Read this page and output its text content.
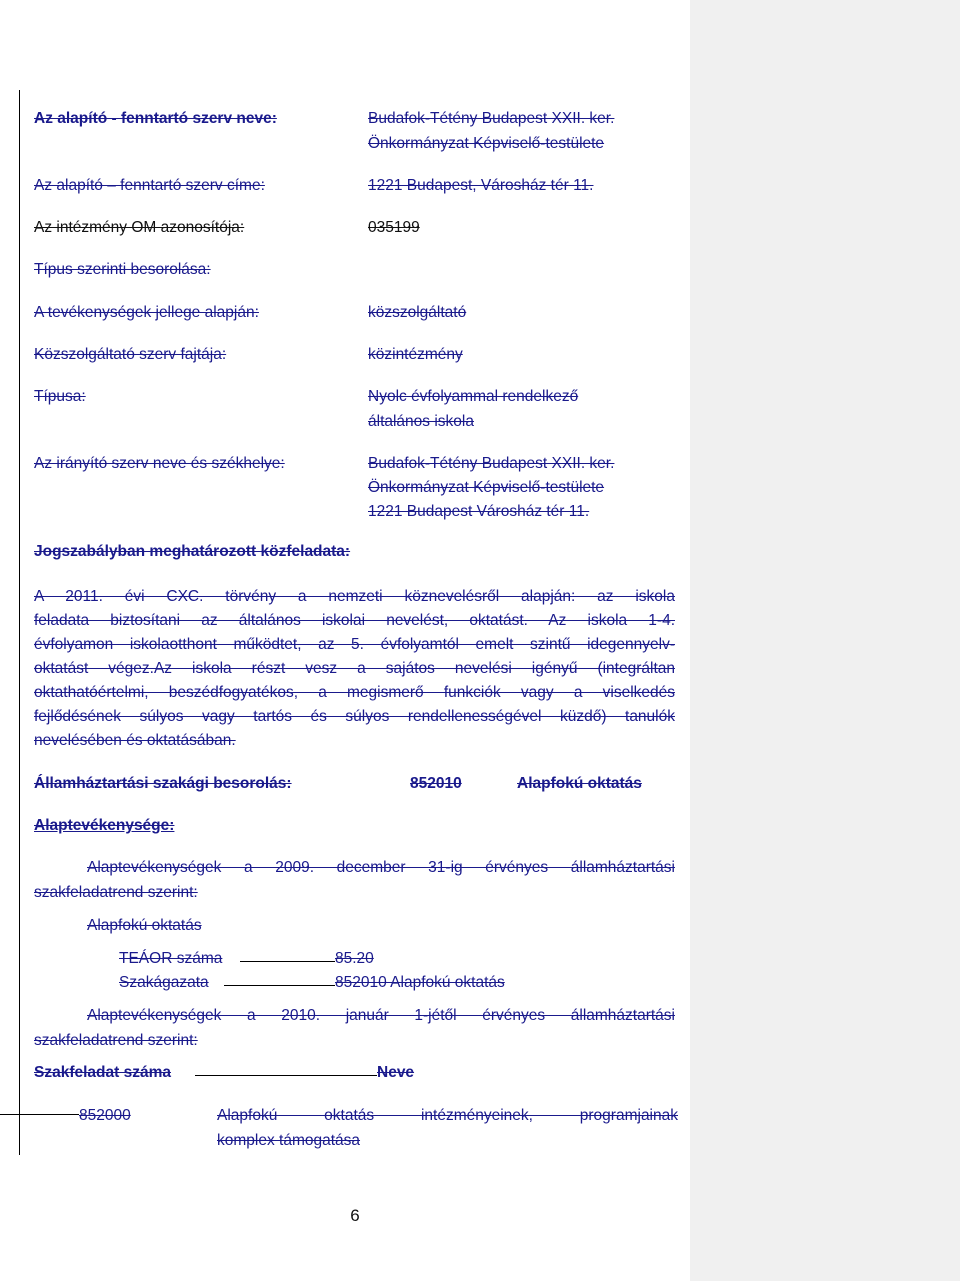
Az alapító - fenntartó szerv neve:	Budafok-Tétény Budapest XXII. ker.
Önkormányzat Képviselő-testülete
Az alapító – fenntartó szerv címe:	1221 Budapest, Városház tér 11.
Az intézmény OM azonosítója:	035199
Típus szerinti besorolása:
A tevékenységek jellege alapján:	közszolgáltató
Közszolgáltató szerv fajtája:	közintézmény
Típusa:	Nyolc évfolyammal rendelkező
általános iskola
Az irányító szerv neve és székhelye:	Budafok-Tétény Budapest XXII. ker.
Önkormányzat Képviselő-testülete
1221 Budapest Városház tér 11.
Jogszabályban meghatározott közfeladata:
A 2011. évi CXC. törvény a nemzeti köznevelésről alapján: az iskola
feladata biztosítani az általános iskolai nevelést, oktatást. Az iskola 1-4.
évfolyamon iskolaotthont működtet, az 5. évfolyamtól emelt szintű idegennyelv-
oktatást végez.Az iskola részt vesz a sajátos nevelési igényű (integráltan
oktathatóértelmi, beszédfogyatékos, a megismerő funkciók vagy a viselkedés
fejlődésének súlyos vagy tartós és súlyos rendellenességével küzdő) tanulók
nevelésében és oktatásában.
Államháztartási szakági besorolás:	852010	Alapfokú oktatás
Alaptevékenysége:
Alaptevékenységek a 2009. december 31-ig érvényes államháztartási
szakfeladatrend szerint:
Alapfokú oktatás
TEÁOR száma	85.20
Szakágazata	852010 Alapfokú oktatás
Alaptevékenységek a 2010. január 1-jétől érvényes államháztartási
szakfeladatrend szerint:
Szakfeladat száma	Neve
852000	Alapfokú oktatás intézményeinek, programjainak
komplex támogatása
6
